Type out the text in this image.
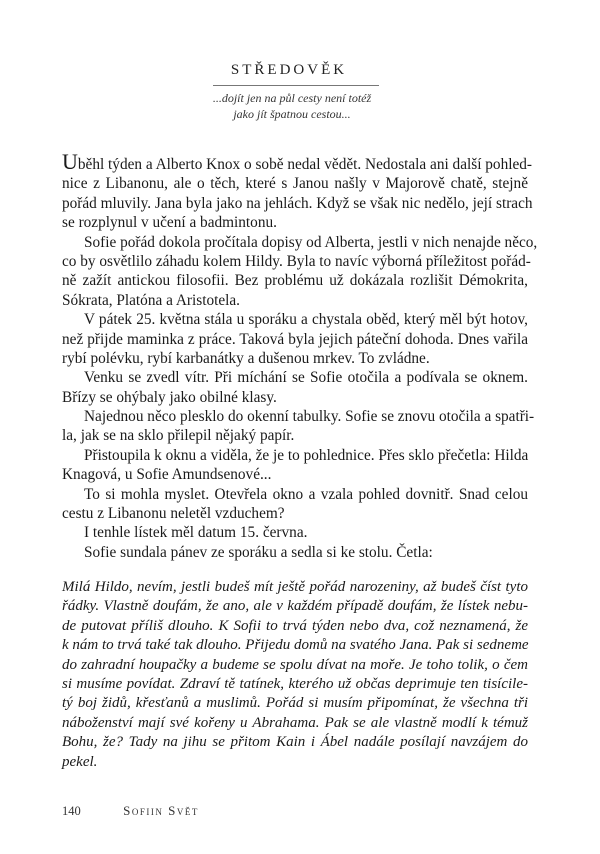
STŘEDOVĚK
...dojít jen na půl cesty není totéž
jako jít špatnou cestou...
Uběhl týden a Alberto Knox o sobě nedal vědět. Nedostala ani další pohled-
nice z Libanonu, ale o těch, které s Janou našly v Majorově chatě, stejně
pořád mluvily. Jana byla jako na jehlách. Když se však nic nedělo, její strach
se rozplynul v učení a badmintonu.
Sofie pořád dokola pročítala dopisy od Alberta, jestli v nich nenajde něco,
co by osvětlilo záhadu kolem Hildy. Byla to navíc výborná příležitost pořád-
ně zažít antickou filosofii. Bez problému už dokázala rozlišit Démokrita,
Sókrata, Platóna a Aristotela.
V pátek 25. května stála u sporáku a chystala oběd, který měl být hotov,
než přijde maminka z práce. Taková byla jejich páteční dohoda. Dnes vařila
rybí polévku, rybí karbanátky a dušenou mrkev. To zvládne.
Venku se zvedl vítr. Při míchání se Sofie otočila a podívala se oknem.
Břízy se ohýbaly jako obilné klasy.
Najednou něco plesklo do okenní tabulky. Sofie se znovu otočila a spatři-
la, jak se na sklo přilepil nějaký papír.
Přistoupila k oknu a viděla, že je to pohlednice. Přes sklo přečetla: Hilda
Knagová, u Sofie Amundsenové...
To si mohla myslet. Otevřela okno a vzala pohled dovnitř. Snad celou
cestu z Libanonu neletěl vzduchem?
I tenhle lístek měl datum 15. června.
Sofie sundala pánev ze sporáku a sedla si ke stolu. Četla:
Milá Hildo, nevím, jestli budeš mít ještě pořád narozeniny, až budeš číst tyto
řádky. Vlastně doufám, že ano, ale v každém případě doufám, že lístek nebu-
de putovat příliš dlouho. K Sofii to trvá týden nebo dva, což neznamená, že
k nám to trvá také tak dlouho. Přijedu domů na svatého Jana. Pak si sedneme
do zahradní houpačky a budeme se spolu dívat na moře. Je toho tolik, o čem
si musíme povídat. Zdraví tě tatínek, kterého už občas deprimuje ten tisícile-
tý boj židů, křesťanů a muslimů. Pořád si musím připomínat, že všechna tři
náboženství mají své kořeny u Abrahama. Pak se ale vlastně modlí k témuž
Bohu, že? Tady na jihu se přitom Kain i Ábel nadále posílají navzájem do
pekel.
140	Sofiin Svět
